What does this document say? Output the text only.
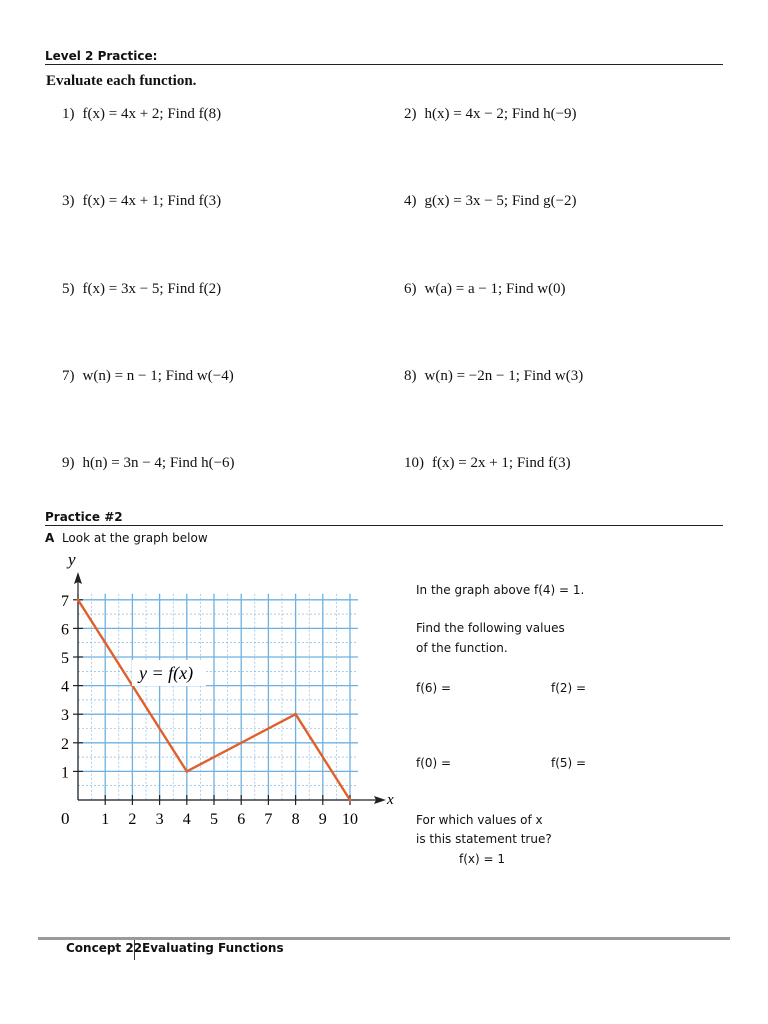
Level 2 Practice:
Evaluate each function.
1) f(x) = 4x + 2; Find f(8)	2) h(x) = 4x − 2; Find h(−9)
3) f(x) = 4x + 1; Find f(3)	4) g(x) = 3x − 5; Find g(−2)
5) f(x) = 3x − 5; Find f(2)	6) w(a) = a − 1; Find w(0)
7) w(n) = n − 1; Find w(−4)	8) w(n) = −2n − 1; Find w(3)
9) h(n) = 3n − 4; Find h(−6)	10) f(x) = 2x + 1; Find f(3)
Practice #2
A Look at the graph below
1 2 3 4 5 6 7 8 9 10
1
2
3
4
5
6
7
x
y
0
y = f(x)
In the graph above f(4) = 1.
Find the following values
of the function.
f(6) =	f(2) =
f(0) =	f(5) =
For which values of x
is this statement true?
f(x) = 1
Concept 22 Evaluating Functions
